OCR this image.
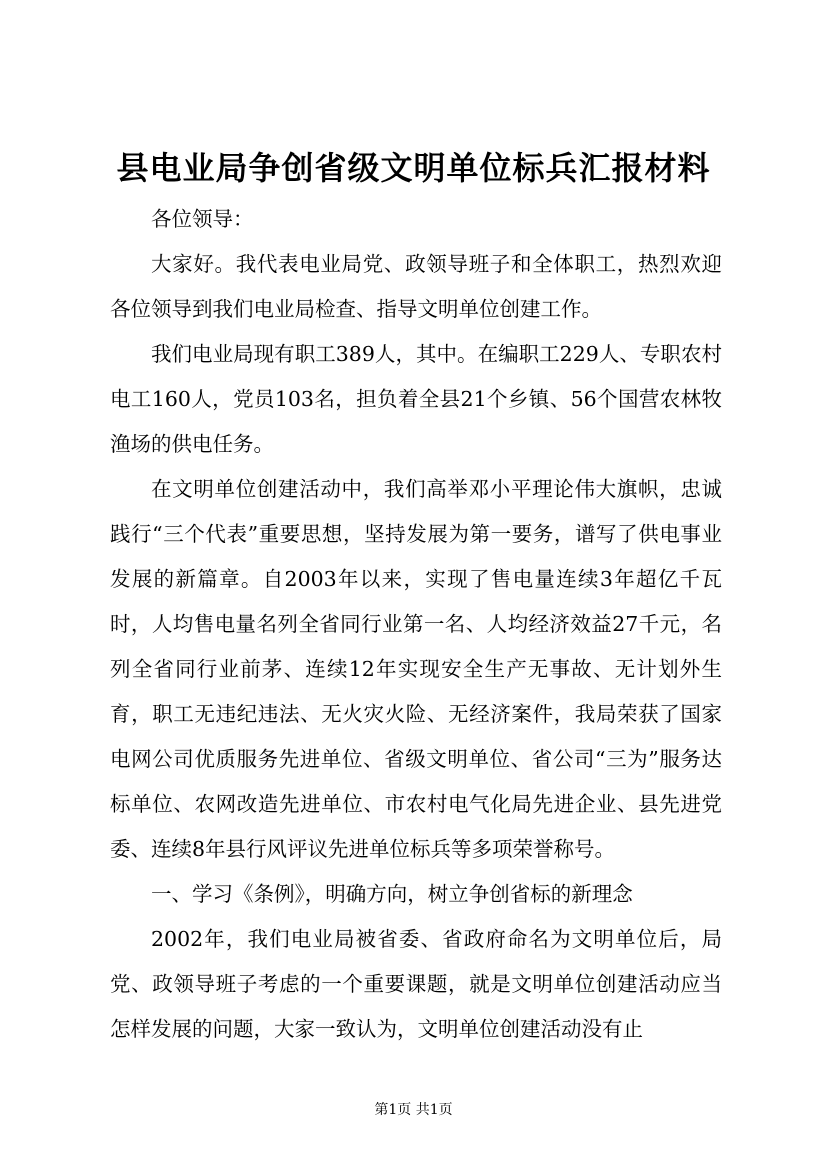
县电业局争创省级文明单位标兵汇报材料

各位领导：

大家好。我代表电业局党、政领导班子和全体职工，热烈欢迎各位领导到我们电业局检查、指导文明单位创建工作。

我们电业局现有职工389人，其中。在编职工229人、专职农村电工160人，党员103名，担负着全县21个乡镇、56个国营农林牧渔场的供电任务。

在文明单位创建活动中，我们高举邓小平理论伟大旗帜，忠诚践行“三个代表”重要思想，坚持发展为第一要务，谱写了供电事业发展的新篇章。自2003年以来，实现了售电量连续3年超亿千瓦时，人均售电量名列全省同行业第一名、人均经济效益27千元，名列全省同行业前茅、连续12年实现安全生产无事故、无计划外生育，职工无违纪违法、无火灾火险、无经济案件，我局荣获了国家电网公司优质服务先进单位、省级文明单位、省公司“三为”服务达标单位、农网改造先进单位、市农村电气化局先进企业、县先进党委、连续8年县行风评议先进单位标兵等多项荣誉称号。

一、学习《条例》，明确方向，树立争创省标的新理念

2002年，我们电业局被省委、省政府命名为文明单位后，局党、政领导班子考虑的一个重要课题，就是文明单位创建活动应当怎样发展的问题，大家一致认为，文明单位创建活动没有止

第1页 共1页
